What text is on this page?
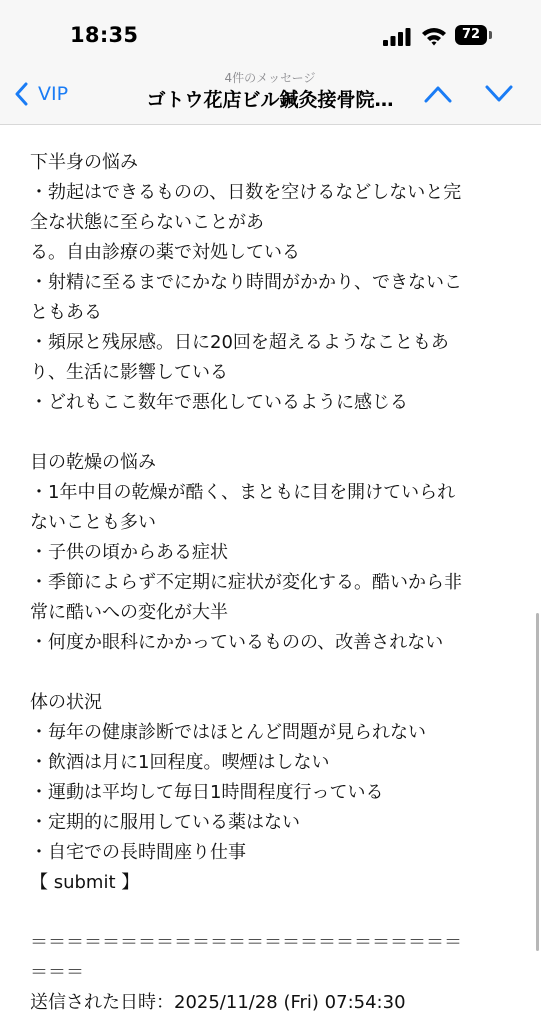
18:35	72
VIP
4件のメッセージ
ゴトウ花店ビル鍼灸接骨院…
下半身の悩み
・勃起はできるものの、日数を空けるなどしないと完
全な状態に至らないことがあ
る。自由診療の薬で対処している
・射精に至るまでにかなり時間がかかり、できないこ
ともある
・頻尿と残尿感。日に20回を超えるようなこともあ
り、生活に影響している
・どれもここ数年で悪化しているように感じる
目の乾燥の悩み
・1年中目の乾燥が酷く、まともに目を開けていられ
ないことも多い
・子供の頃からある症状
・季節によらず不定期に症状が変化する。酷いから非
常に酷いへの変化が大半
・何度か眼科にかかっているものの、改善されない
体の状況
・毎年の健康診断ではほとんど問題が見られない
・飲酒は月に1回程度。喫煙はしない
・運動は平均して毎日1時間程度行っている
・定期的に服用している薬はない
・自宅での長時間座り仕事
【 submit 】
＝＝＝＝＝＝＝＝＝＝＝＝＝＝＝＝＝＝＝＝＝＝＝＝
＝＝＝
送信された日時：2025/11/28 (Fri) 07:54:30
